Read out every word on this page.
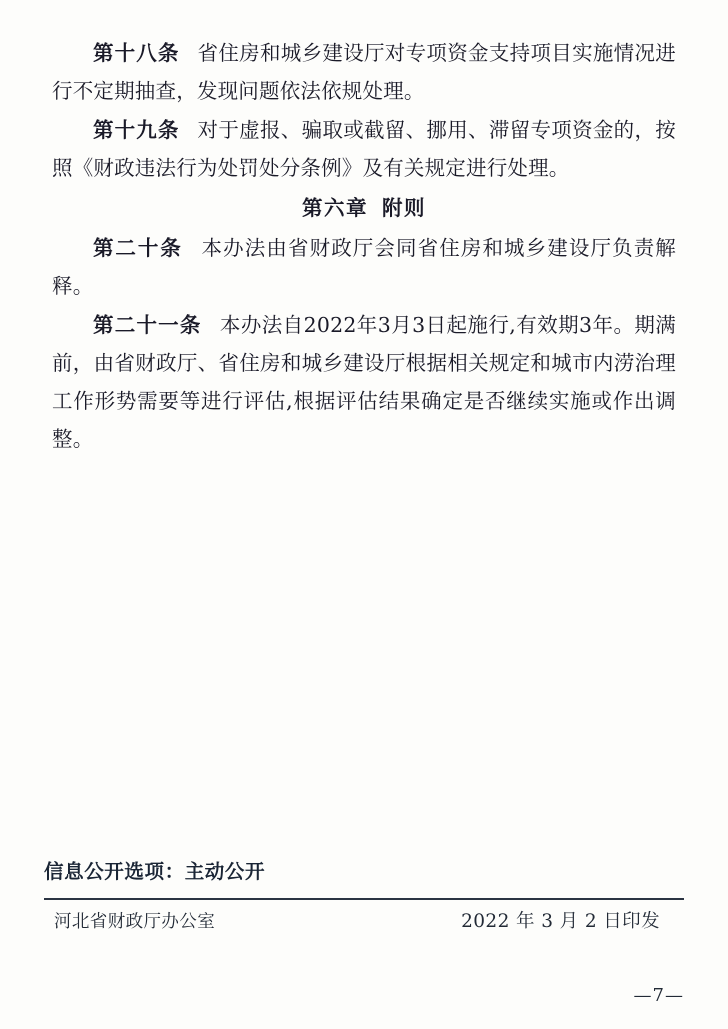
第十八条 省住房和城乡建设厅对专项资金支持项目实施情况进行不定期抽查，发现问题依法依规处理。

第十九条 对于虚报、骗取或截留、挪用、滞留专项资金的，按照《财政违法行为处罚处分条例》及有关规定进行处理。

第六章 附则

第二十条 本办法由省财政厅会同省住房和城乡建设厅负责解释。

第二十一条 本办法自2022年3月3日起施行,有效期3年。期满前，由省财政厅、省住房和城乡建设厅根据相关规定和城市内涝治理工作形势需要等进行评估,根据评估结果确定是否继续实施或作出调整。

信息公开选项：主动公开
河北省财政厅办公室	2022 年 3 月 2 日印发
—7—
